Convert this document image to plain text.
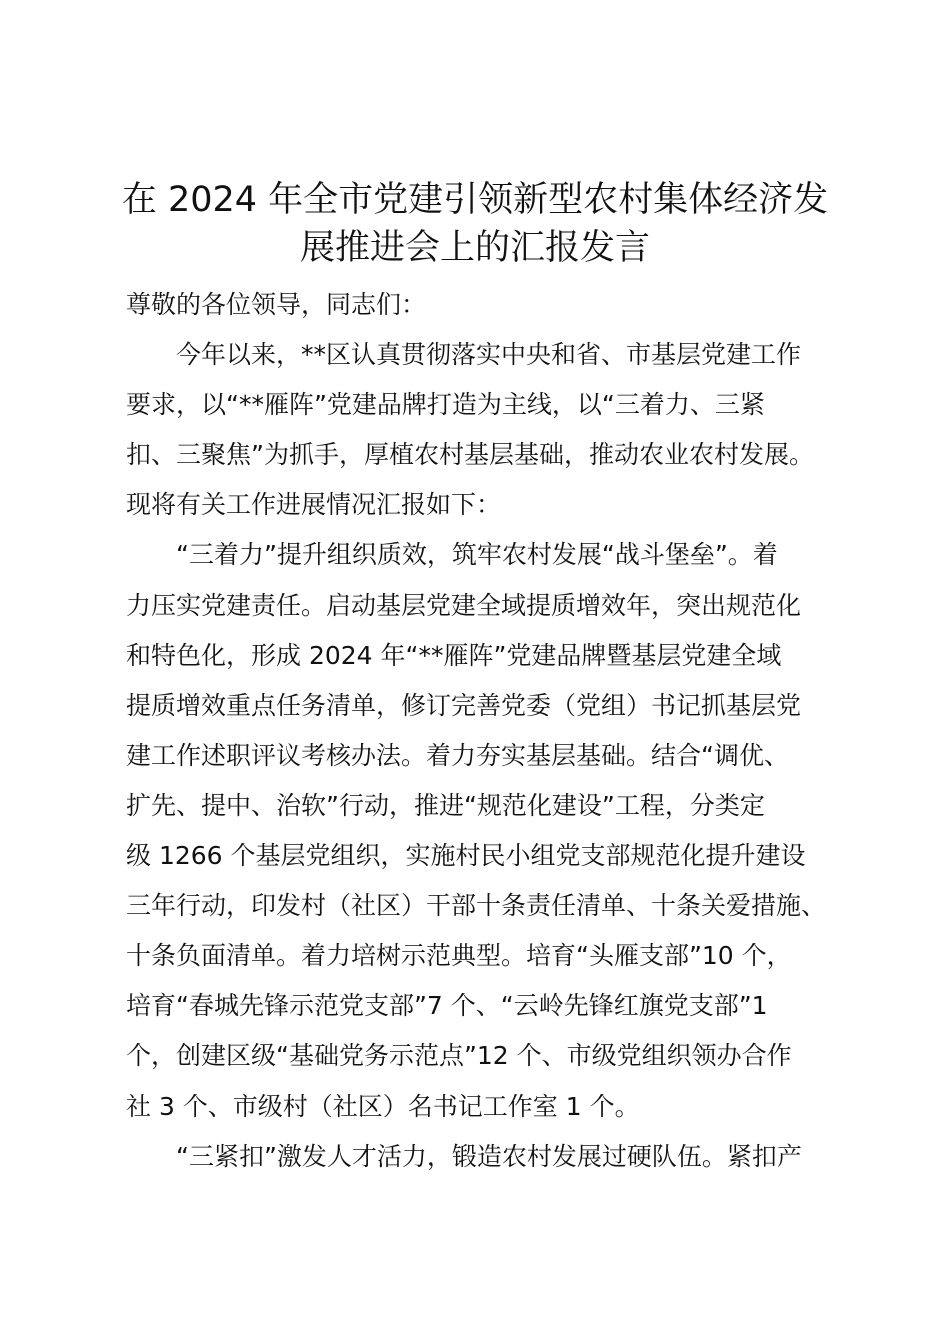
在 2024 年全市党建引领新型农村集体经济发
展推进会上的汇报发言
尊敬的各位领导，同志们：
今年以来，**区认真贯彻落实中央和省、市基层党建工作
要求，以“**雁阵”党建品牌打造为主线，以“三着力、三紧
扣、三聚焦”为抓手，厚植农村基层基础，推动农业农村发展。
现将有关工作进展情况汇报如下：
“三着力”提升组织质效，筑牢农村发展“战斗堡垒”。着
力压实党建责任。启动基层党建全域提质增效年，突出规范化
和特色化，形成 2024 年“**雁阵”党建品牌暨基层党建全域
提质增效重点任务清单，修订完善党委（党组）书记抓基层党
建工作述职评议考核办法。着力夯实基层基础。结合“调优、
扩先、提中、治软”行动，推进“规范化建设”工程，分类定
级 1266 个基层党组织，实施村民小组党支部规范化提升建设
三年行动，印发村（社区）干部十条责任清单、十条关爱措施、
十条负面清单。着力培树示范典型。培育“头雁支部”10 个，
培育“春城先锋示范党支部”7 个、“云岭先锋红旗党支部”1
个，创建区级“基础党务示范点”12 个、市级党组织领办合作
社 3 个、市级村（社区）名书记工作室 1 个。
“三紧扣”激发人才活力，锻造农村发展过硬队伍。紧扣产
